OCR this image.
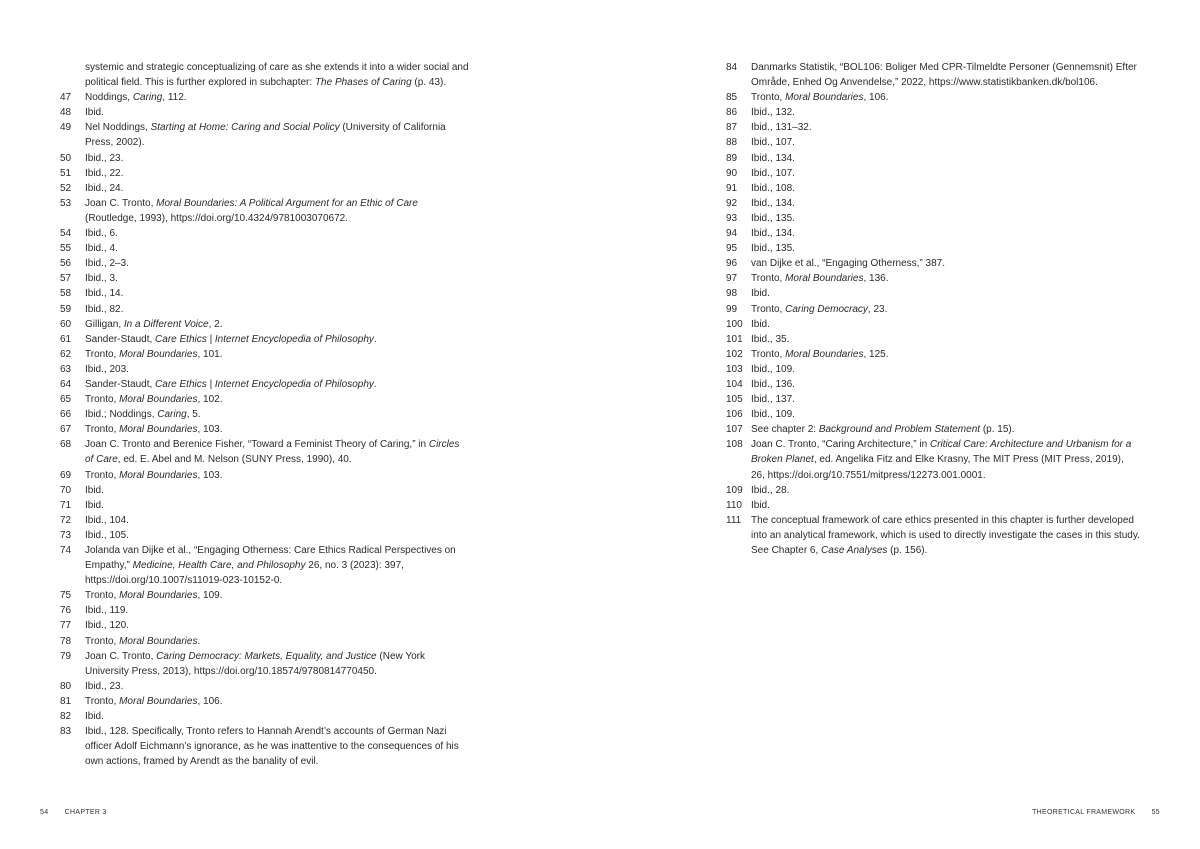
systemic and strategic conceptualizing of care as she extends it into a wider social and political field. This is further explored in subchapter: The Phases of Caring (p. 43).
47	Noddings, Caring, 112.
48	Ibid.
49	Nel Noddings, Starting at Home: Caring and Social Policy (University of California Press, 2002).
50	Ibid., 23.
51	Ibid., 22.
52	Ibid., 24.
53	Joan C. Tronto, Moral Boundaries: A Political Argument for an Ethic of Care (Routledge, 1993), https://doi.org/10.4324/9781003070672.
54	Ibid., 6.
55	Ibid., 4.
56	Ibid., 2–3.
57	Ibid., 3.
58	Ibid., 14.
59	Ibid., 82.
60	Gilligan, In a Different Voice, 2.
61	Sander-Staudt, Care Ethics | Internet Encyclopedia of Philosophy.
62	Tronto, Moral Boundaries, 101.
63	Ibid., 203.
64	Sander-Staudt, Care Ethics | Internet Encyclopedia of Philosophy.
65	Tronto, Moral Boundaries, 102.
66	Ibid.; Noddings, Caring, 5.
67	Tronto, Moral Boundaries, 103.
68	Joan C. Tronto and Berenice Fisher, “Toward a Feminist Theory of Caring,” in Circles of Care, ed. E. Abel and M. Nelson (SUNY Press, 1990), 40.
69	Tronto, Moral Boundaries, 103.
70	Ibid.
71	Ibid.
72	Ibid., 104.
73	Ibid., 105.
74	Jolanda van Dijke et al., “Engaging Otherness: Care Ethics Radical Perspectives on Empathy,” Medicine, Health Care, and Philosophy 26, no. 3 (2023): 397, https://doi.org/10.1007/s11019-023-10152-0.
75	Tronto, Moral Boundaries, 109.
76	Ibid., 119.
77	Ibid., 120.
78	Tronto, Moral Boundaries.
79	Joan C. Tronto, Caring Democracy: Markets, Equality, and Justice (New York University Press, 2013), https://doi.org/10.18574/9780814770450.
80	Ibid., 23.
81	Tronto, Moral Boundaries, 106.
82	Ibid.
83	Ibid., 128. Specifically, Tronto refers to Hannah Arendt’s accounts of German Nazi officer Adolf Eichmann’s ignorance, as he was inattentive to the consequences of his own actions, framed by Arendt as the banality of evil.
54 CHAPTER 3
84	Danmarks Statistik, “BOL106: Boliger Med CPR-Tilmeldte Personer (Gennemsnit) Efter Område, Enhed Og Anvendelse,” 2022, https://www.statistikbanken.dk/bol106.
85	Tronto, Moral Boundaries, 106.
86	Ibid., 132.
87	Ibid., 131–32.
88	Ibid., 107.
89	Ibid., 134.
90	Ibid., 107.
91	Ibid., 108.
92	Ibid., 134.
93	Ibid., 135.
94	Ibid., 134.
95	Ibid., 135.
96	van Dijke et al., “Engaging Otherness,” 387.
97	Tronto, Moral Boundaries, 136.
98	Ibid.
99	Tronto, Caring Democracy, 23.
100 Ibid.
101 Ibid., 35.
102 Tronto, Moral Boundaries, 125.
103 Ibid., 109.
104 Ibid., 136.
105 Ibid., 137.
106 Ibid., 109.
107 See chapter 2: Background and Problem Statement (p. 15).
108 Joan C. Tronto, “Caring Architecture,” in Critical Care: Architecture and Urbanism for a Broken Planet, ed. Angelika Fitz and Elke Krasny, The MIT Press (MIT Press, 2019), 26, https://doi.org/10.7551/mitpress/12273.001.0001.
109 Ibid., 28.
110 Ibid.
111 The conceptual framework of care ethics presented in this chapter is further developed into an analytical framework, which is used to directly investigate the cases in this study. See Chapter 6, Case Analyses (p. 156).
THEORETICAL FRAMEWORK 55
